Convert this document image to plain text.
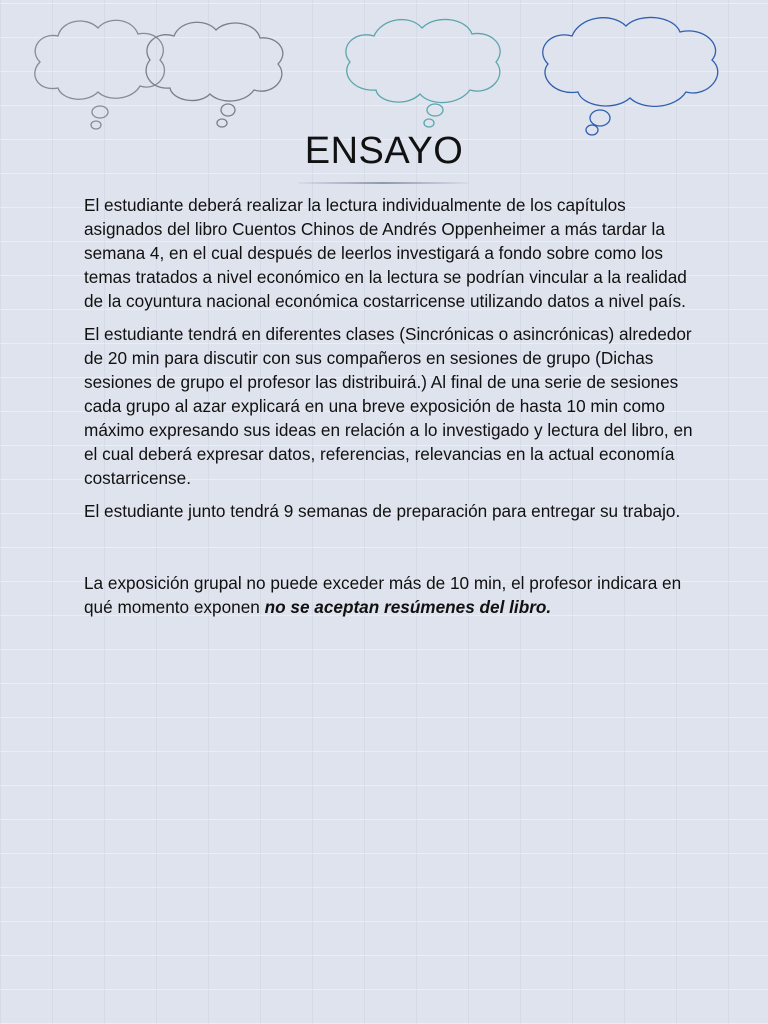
ENSAYO

El estudiante deberá realizar la lectura individualmente de los capítulos asignados del libro Cuentos Chinos de Andrés Oppenheimer a más tardar la semana 4, en el cual después de leerlos investigará a fondo sobre como los temas tratados a nivel económico en la lectura se podrían vincular a la realidad de la coyuntura nacional económica costarricense utilizando datos a nivel país.

El estudiante tendrá en diferentes clases (Sincrónicas o asincrónicas) alrededor de 20 min para discutir con sus compañeros en sesiones de grupo (Dichas sesiones de grupo el profesor las distribuirá.) Al final de una serie de sesiones cada grupo al azar explicará en una breve exposición de hasta 10 min como máximo expresando sus ideas en relación a lo investigado y lectura del libro, en el cual deberá expresar datos, referencias, relevancias en la actual economía costarricense.

El estudiante junto tendrá 9 semanas de preparación para entregar su trabajo.

La exposición grupal no puede exceder más de 10 min, el profesor indicara en qué momento exponen no se aceptan resúmenes del libro.
